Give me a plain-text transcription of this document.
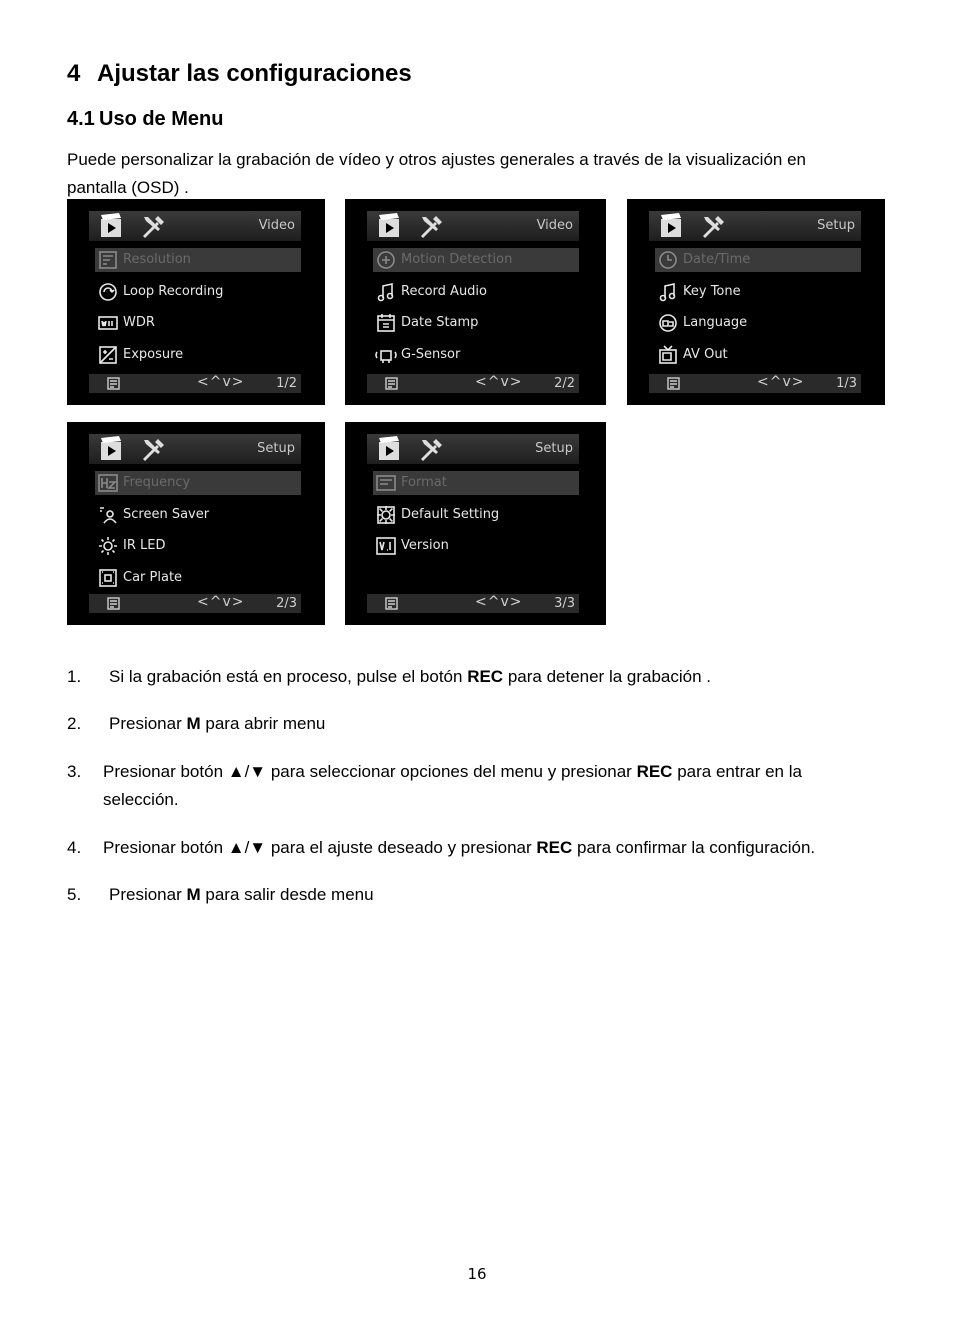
4 Ajustar las configuraciones
4.1 Uso de Menu

Puede personalizar la grabación de vídeo y otros ajustes generales a través de la visualización en pantalla (OSD) .

Video
Resolution
Loop Recording
WDR
Exposure
<^v> 1/2
Video
Motion Detection
Record Audio
Date Stamp
G-Sensor
<^v> 2/2
Setup
Date/Time
Key Tone
Language
AV Out
<^v> 1/3
Setup
Frequency
Screen Saver
IR LED
Car Plate
<^v> 2/3
Setup
Format
Default Setting
Version
<^v> 3/3
1. Si la grabación está en proceso, pulse el botón REC para detener la grabación .
2. Presionar M para abrir menu
3. Presionar botón ▲/▼ para seleccionar opciones del menu y presionar REC para entrar en la selección.
4. Presionar botón ▲/▼ para el ajuste deseado y presionar REC para confirmar la configuración.
5. Presionar M para salir desde menu
16
